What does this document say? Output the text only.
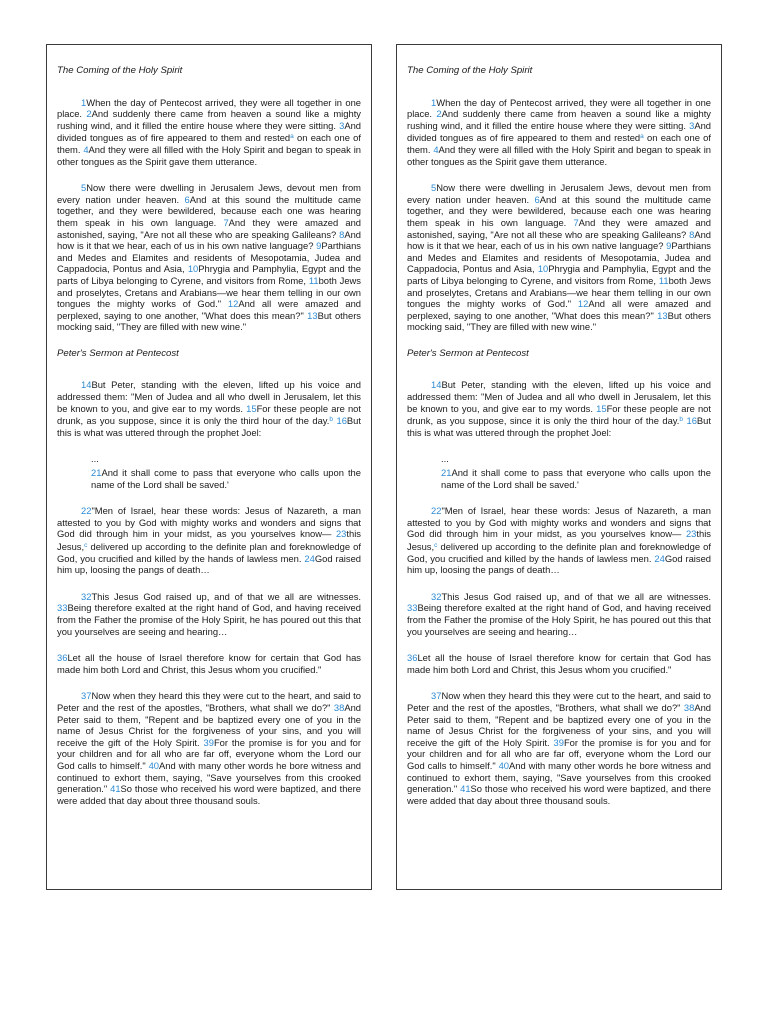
The Coming of the Holy Spirit
1When the day of Pentecost arrived, they were all together in one place. 2And suddenly there came from heaven a sound like a mighty rushing wind, and it filled the entire house where they were sitting. 3And divided tongues as of fire appeared to them and rested$^a$ on each one of them. 4And they were all filled with the Holy Spirit and began to speak in other tongues as the Spirit gave them utterance.
5Now there were dwelling in Jerusalem Jews, devout men from every nation under heaven. 6And at this sound the multitude came together, and they were bewildered, because each one was hearing them speak in his own language. 7And they were amazed and astonished, saying, "Are not all these who are speaking Galileans? 8And how is it that we hear, each of us in his own native language? 9Parthians and Medes and Elamites and residents of Mesopotamia, Judea and Cappadocia, Pontus and Asia, 10Phrygia and Pamphylia, Egypt and the parts of Libya belonging to Cyrene, and visitors from Rome, 11both Jews and proselytes, Cretans and Arabians—we hear them telling in our own tongues the mighty works of God." 12And all were amazed and perplexed, saying to one another, "What does this mean?" 13But others mocking said, "They are filled with new wine."
Peter's Sermon at Pentecost
14But Peter, standing with the eleven, lifted up his voice and addressed them: "Men of Judea and all who dwell in Jerusalem, let this be known to you, and give ear to my words. 15For these people are not drunk, as you suppose, since it is only the third hour of the day.$^b$ 16But this is what was uttered through the prophet Joel:
...
21And it shall come to pass that everyone who calls upon the name of the Lord shall be saved.'
22"Men of Israel, hear these words: Jesus of Nazareth, a man attested to you by God with mighty works and wonders and signs that God did through him in your midst, as you yourselves know— 23this Jesus,$^c$ delivered up according to the definite plan and foreknowledge of God, you crucified and killed by the hands of lawless men. 24God raised him up, loosing the pangs of death…
32This Jesus God raised up, and of that we all are witnesses. 33Being therefore exalted at the right hand of God, and having received from the Father the promise of the Holy Spirit, he has poured out this that you yourselves are seeing and hearing…
36Let all the house of Israel therefore know for certain that God has made him both Lord and Christ, this Jesus whom you crucified."
37Now when they heard this they were cut to the heart, and said to Peter and the rest of the apostles, "Brothers, what shall we do?" 38And Peter said to them, "Repent and be baptized every one of you in the name of Jesus Christ for the forgiveness of your sins, and you will receive the gift of the Holy Spirit. 39For the promise is for you and for your children and for all who are far off, everyone whom the Lord our God calls to himself." 40And with many other words he bore witness and continued to exhort them, saying, "Save yourselves from this crooked generation." 41So those who received his word were baptized, and there were added that day about three thousand souls.
The Coming of the Holy Spirit
1When the day of Pentecost arrived, they were all together in one place. 2And suddenly there came from heaven a sound like a mighty rushing wind, and it filled the entire house where they were sitting. 3And divided tongues as of fire appeared to them and rested$^a$ on each one of them. 4And they were all filled with the Holy Spirit and began to speak in other tongues as the Spirit gave them utterance.
5Now there were dwelling in Jerusalem Jews, devout men from every nation under heaven. 6And at this sound the multitude came together, and they were bewildered, because each one was hearing them speak in his own language. 7And they were amazed and astonished, saying, "Are not all these who are speaking Galileans? 8And how is it that we hear, each of us in his own native language? 9Parthians and Medes and Elamites and residents of Mesopotamia, Judea and Cappadocia, Pontus and Asia, 10Phrygia and Pamphylia, Egypt and the parts of Libya belonging to Cyrene, and visitors from Rome, 11both Jews and proselytes, Cretans and Arabians—we hear them telling in our own tongues the mighty works of God." 12And all were amazed and perplexed, saying to one another, "What does this mean?" 13But others mocking said, "They are filled with new wine."
Peter's Sermon at Pentecost
14But Peter, standing with the eleven, lifted up his voice and addressed them: "Men of Judea and all who dwell in Jerusalem, let this be known to you, and give ear to my words. 15For these people are not drunk, as you suppose, since it is only the third hour of the day.$^b$ 16But this is what was uttered through the prophet Joel:
...
21And it shall come to pass that everyone who calls upon the name of the Lord shall be saved.'
22"Men of Israel, hear these words: Jesus of Nazareth, a man attested to you by God with mighty works and wonders and signs that God did through him in your midst, as you yourselves know— 23this Jesus,$^c$ delivered up according to the definite plan and foreknowledge of God, you crucified and killed by the hands of lawless men. 24God raised him up, loosing the pangs of death…
32This Jesus God raised up, and of that we all are witnesses. 33Being therefore exalted at the right hand of God, and having received from the Father the promise of the Holy Spirit, he has poured out this that you yourselves are seeing and hearing…
36Let all the house of Israel therefore know for certain that God has made him both Lord and Christ, this Jesus whom you crucified."
37Now when they heard this they were cut to the heart, and said to Peter and the rest of the apostles, "Brothers, what shall we do?" 38And Peter said to them, "Repent and be baptized every one of you in the name of Jesus Christ for the forgiveness of your sins, and you will receive the gift of the Holy Spirit. 39For the promise is for you and for your children and for all who are far off, everyone whom the Lord our God calls to himself." 40And with many other words he bore witness and continued to exhort them, saying, "Save yourselves from this crooked generation." 41So those who received his word were baptized, and there were added that day about three thousand souls.
